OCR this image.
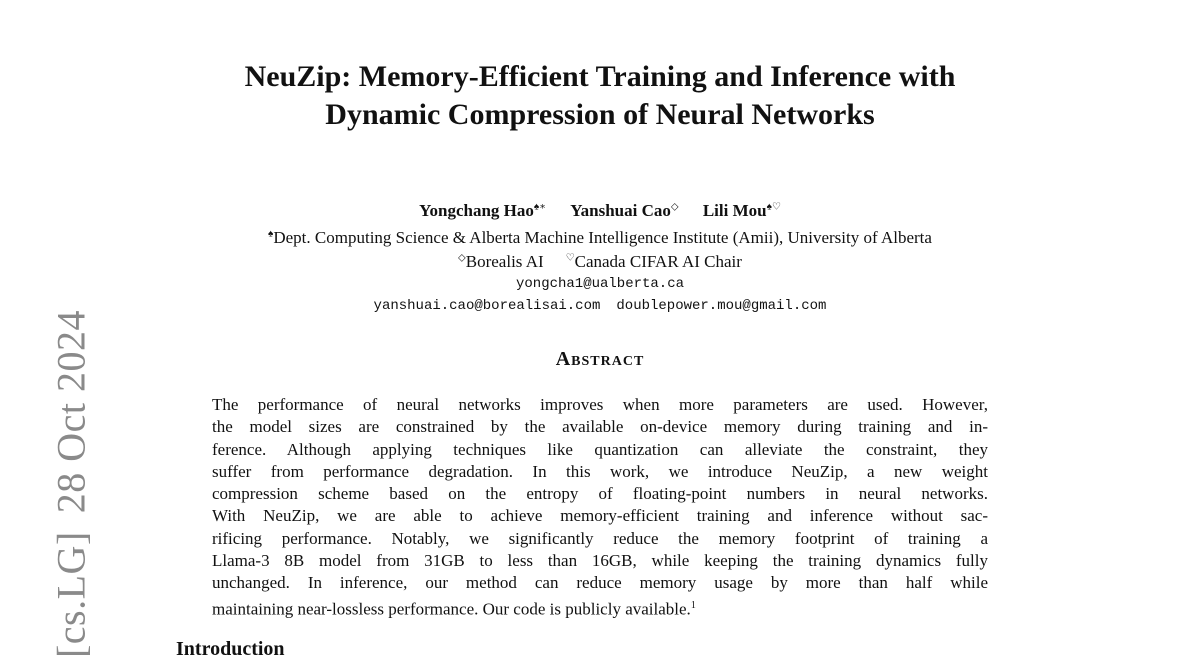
[cs.LG]28 Oct 2024
NeuZip: Memory-Efficient Training and Inference with
Dynamic Compression of Neural Networks
Yongchang Hao♠∗ Yanshuai Cao◇ Lili Mou♠♡
♠Dept. Computing Science & Alberta Machine Intelligence Institute (Amii), University of Alberta
◇Borealis AI ♡Canada CIFAR AI Chair
yongcha1@ualberta.ca
yanshuai.cao@borealisai.com doublepower.mou@gmail.com
Abstract
The performance of neural networks improves when more parameters are used. However,
the model sizes are constrained by the available on-device memory during training and in-
ference. Although applying techniques like quantization can alleviate the constraint, they
suffer from performance degradation. In this work, we introduce NeuZip, a new weight
compression scheme based on the entropy of floating-point numbers in neural networks.
With NeuZip, we are able to achieve memory-efficient training and inference without sac-
rificing performance. Notably, we significantly reduce the memory footprint of training a
Llama-3 8B model from 31GB to less than 16GB, while keeping the training dynamics fully
unchanged. In inference, our method can reduce memory usage by more than half while
maintaining near-lossless performance. Our code is publicly available.$^1$
Introduction
